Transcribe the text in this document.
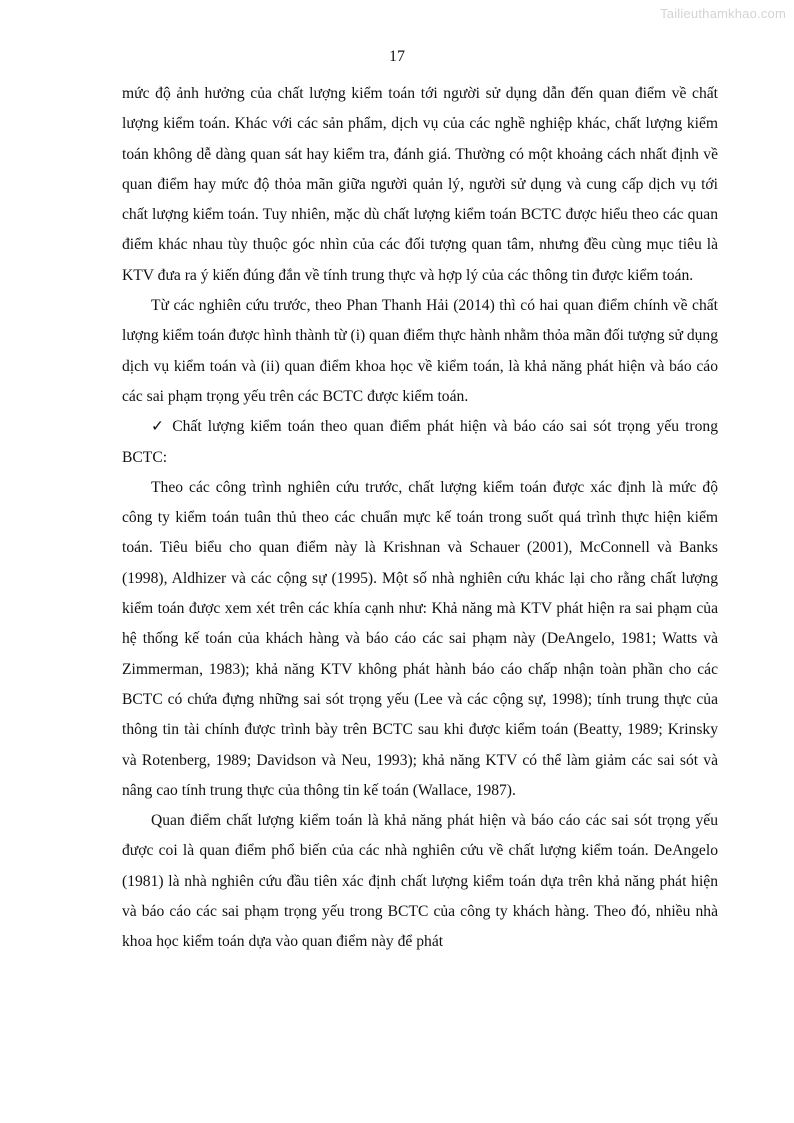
Tailieuthamkhao.com
17

mức độ ảnh hưởng của chất lượng kiểm toán tới người sử dụng dẫn đến quan điểm về chất lượng kiểm toán. Khác với các sản phẩm, dịch vụ của các nghề nghiệp khác, chất lượng kiểm toán không dễ dàng quan sát hay kiểm tra, đánh giá. Thường có một khoảng cách nhất định về quan điểm hay mức độ thỏa mãn giữa người quản lý, người sử dụng và cung cấp dịch vụ tới chất lượng kiểm toán. Tuy nhiên, mặc dù chất lượng kiểm toán BCTC được hiểu theo các quan điểm khác nhau tùy thuộc góc nhìn của các đối tượng quan tâm, nhưng đều cùng mục tiêu là KTV đưa ra ý kiến đúng đắn về tính trung thực và hợp lý của các thông tin được kiểm toán.

Từ các nghiên cứu trước, theo Phan Thanh Hải (2014) thì có hai quan điểm chính về chất lượng kiểm toán được hình thành từ (i) quan điểm thực hành nhằm thỏa mãn đối tượng sử dụng dịch vụ kiểm toán và (ii) quan điểm khoa học về kiểm toán, là khả năng phát hiện và báo cáo các sai phạm trọng yếu trên các BCTC được kiểm toán.

✓ Chất lượng kiểm toán theo quan điểm phát hiện và báo cáo sai sót trọng yếu trong BCTC:

Theo các công trình nghiên cứu trước, chất lượng kiểm toán được xác định là mức độ công ty kiểm toán tuân thủ theo các chuẩn mực kế toán trong suốt quá trình thực hiện kiểm toán. Tiêu biểu cho quan điểm này là Krishnan và Schauer (2001), McConnell và Banks (1998), Aldhizer và các cộng sự (1995). Một số nhà nghiên cứu khác lại cho rằng chất lượng kiểm toán được xem xét trên các khía cạnh như: Khả năng mà KTV phát hiện ra sai phạm của hệ thống kế toán của khách hàng và báo cáo các sai phạm này (DeAngelo, 1981; Watts và Zimmerman, 1983); khả năng KTV không phát hành báo cáo chấp nhận toàn phần cho các BCTC có chứa đựng những sai sót trọng yếu (Lee và các cộng sự, 1998); tính trung thực của thông tin tài chính được trình bày trên BCTC sau khi được kiểm toán (Beatty, 1989; Krinsky và Rotenberg, 1989; Davidson và Neu, 1993); khả năng KTV có thể làm giảm các sai sót và nâng cao tính trung thực của thông tin kế toán (Wallace, 1987).

Quan điểm chất lượng kiểm toán là khả năng phát hiện và báo cáo các sai sót trọng yếu được coi là quan điểm phổ biến của các nhà nghiên cứu về chất lượng kiểm toán. DeAngelo (1981) là nhà nghiên cứu đầu tiên xác định chất lượng kiểm toán dựa trên khả năng phát hiện và báo cáo các sai phạm trọng yếu trong BCTC của công ty khách hàng. Theo đó, nhiều nhà khoa học kiểm toán dựa vào quan điểm này để phát
